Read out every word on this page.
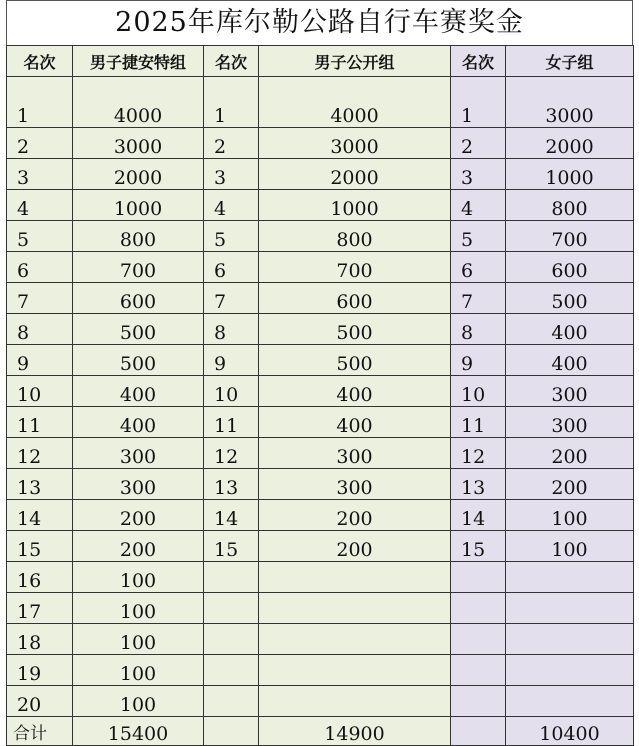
2025年库尔勒公路自行车赛奖金
名次	男子捷安特组	名次	男子公开组	名次	女子组

1	4000	1	4000	1	3000
2	3000	2	3000	2	2000
3	2000	3	2000	3	1000
4	1000	4	1000	4	800
5	800	5	800	5	700
6	700	6	700	6	600
7	600	7	600	7	500
8	500	8	500	8	400
9	500	9	500	9	400
10	400	10	400	10	300
11	400	11	400	11	300
12	300	12	300	12	200
13	300	13	300	13	200
14	200	14	200	14	100
15	200	15	200	15	100
16	100				
17	100				
18	100				
19	100				
20	100				
合计	15400		14900		10400
